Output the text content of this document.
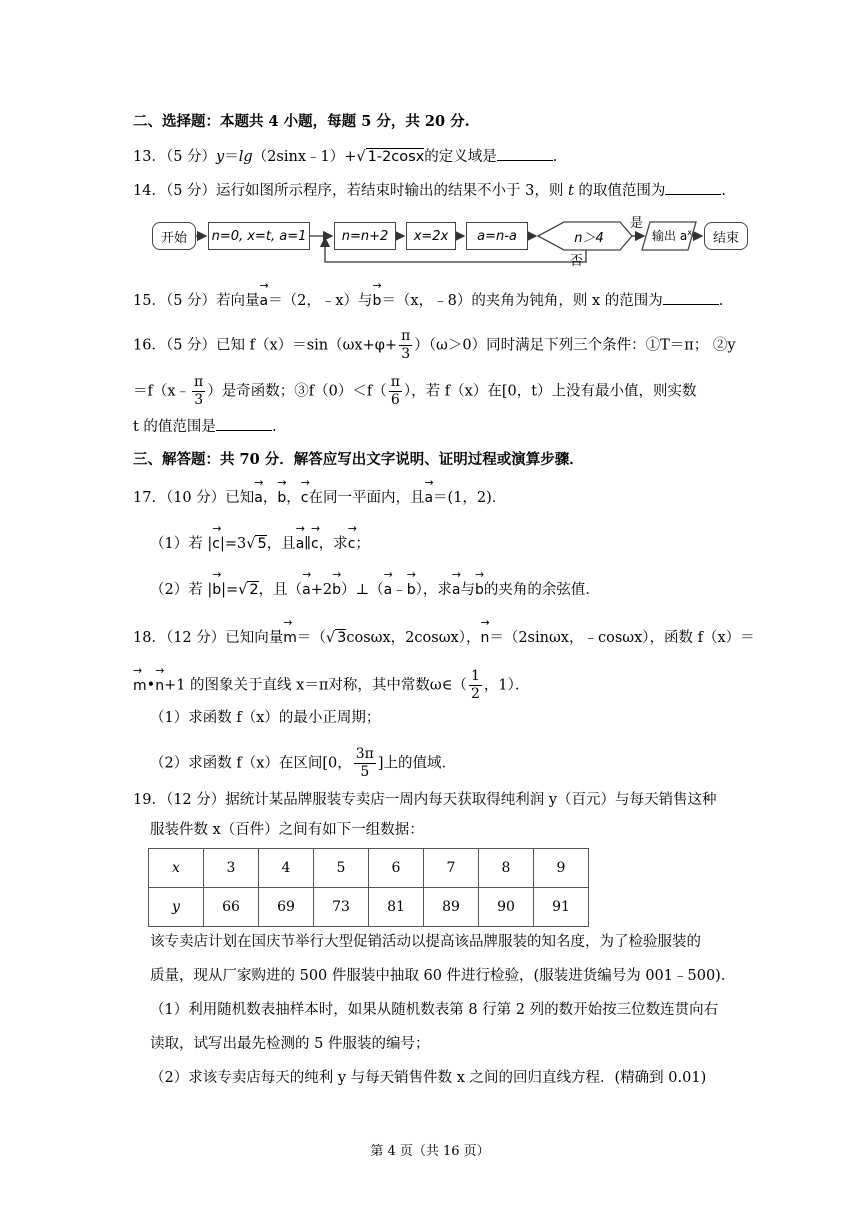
二、选择题：本题共 4 小题，每题 5 分，共 20 分.
13．（5 分）y＝lg（2sinx﹣1）+√ 1-2cosx的定义域是	.
14．（5 分）运行如图所示程序，若结束时输出的结果不小于 3，则 t 的取值范围为	.
开始	n=0, x=t, a=1	n=n+2 x=2x a=n-a	n＞4
是
否
输出 $a^x$	结束
15．（5 分）若向量→ a＝（2，﹣x）与→ b＝（x，﹣8）的夹角为钝角，则 x 的范围为	.
16．（5 分）已知 $f(x)=\sin(\omega x+\varphi+ \frac{\pi}{3} )(\omega>0)$同时满足下列三个条件：①T＝π； ②y
＝f（x﹣ $\frac{\pi}{3}$ ）是奇函数；③f（0）＜f（ $\frac{\pi}{6}$ ），若 f（x）在[0，t）上没有最小值，则实数
t 的值范围是	.
三、解答题：共 70 分．解答应写出文字说明、证明过程或演算步骤．
17．（10 分）已知→ a，→ b，→ c在同一平面内，且→ a＝(1，2)．
（1）若 |→ c|=3√ 5，且→ a∥→ c，求→ c；
（2）若 |→ b|=√ 2，且（→ a+2→ b）⊥（→ a﹣→ b），求→ a与→ b的夹角的余弦值．
18．（12 分）已知向量→ m＝（√ 3cosωx，2cosωx），→ n＝（2sinωx，﹣cosωx），函数 f（x）＝
→ m•→ n+1 的图象关于直线 x＝π对称，其中常数ω∈（ $\frac{1}{2}$ ，1）．
（1）求函数 f（x）的最小正周期；
（2）求函数 f（x）在区间[0， $\frac{3\pi}{5}$ ]上的值域．
19．（12 分）据统计某品牌服装专卖店一周内每天获取得纯利润 y（百元）与每天销售这种
服装件数 x（百件）之间有如下一组数据：
x	3	4	5	6	7	8	9
y	66	69	73	81	89	90	91
该专卖店计划在国庆节举行大型促销活动以提高该品牌服装的知名度，为了检验服装的
质量，现从厂家购进的 500 件服装中抽取 60 件进行检验，(服装进货编号为 001﹣500)．
（1）利用随机数表抽样本时，如果从随机数表第 8 行第 2 列的数开始按三位数连贯向右
读取，试写出最先检测的 5 件服装的编号；
（2）求该专卖店每天的纯利 y 与每天销售件数 x 之间的回归直线方程．(精确到 0.01)
第 4 页（共 16 页）
